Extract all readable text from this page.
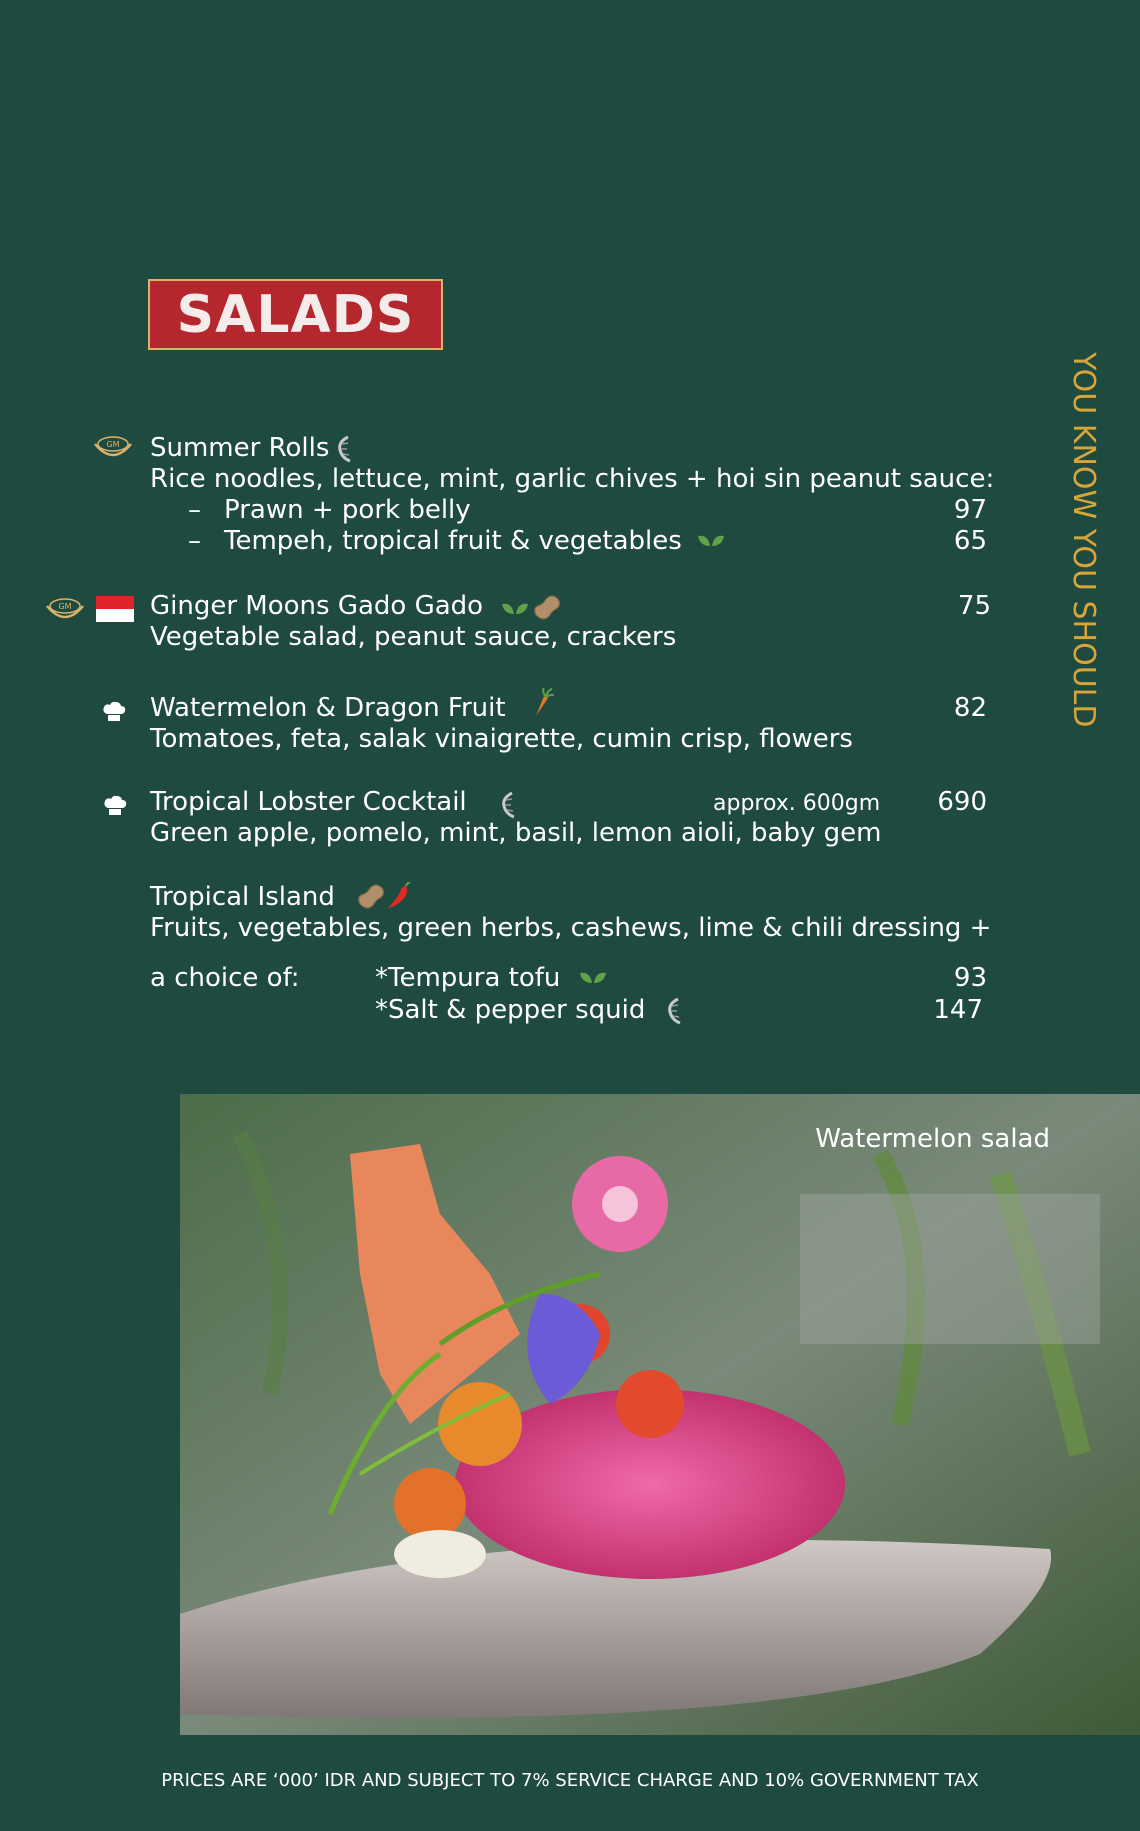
SALADS
YOU KNOW YOU SHOULD
GM Summer Rolls
Rice noodles, lettuce, mint, garlic chives + hoi sin peanut sauce:
– Prawn + pork belly	97
– Tempeh, tropical fruit & vegetables	65
GM	Ginger Moons Gado Gado	75
Vegetable salad, peanut sauce, crackers
Watermelon & Dragon Fruit	82
Tomatoes, feta, salak vinaigrette, cumin crisp, flowers
Tropical Lobster Cocktail	approx. 600gm	690
Green apple, pomelo, mint, basil, lemon aioli, baby gem
Tropical Island
Fruits, vegetables, green herbs, cashews, lime & chili dressing +
a choice of:	*Tempura tofu	93
*Salt & pepper squid	147
Watermelon salad
PRICES ARE ‘000’ IDR AND SUBJECT TO 7% SERVICE CHARGE AND 10% GOVERNMENT TAX
